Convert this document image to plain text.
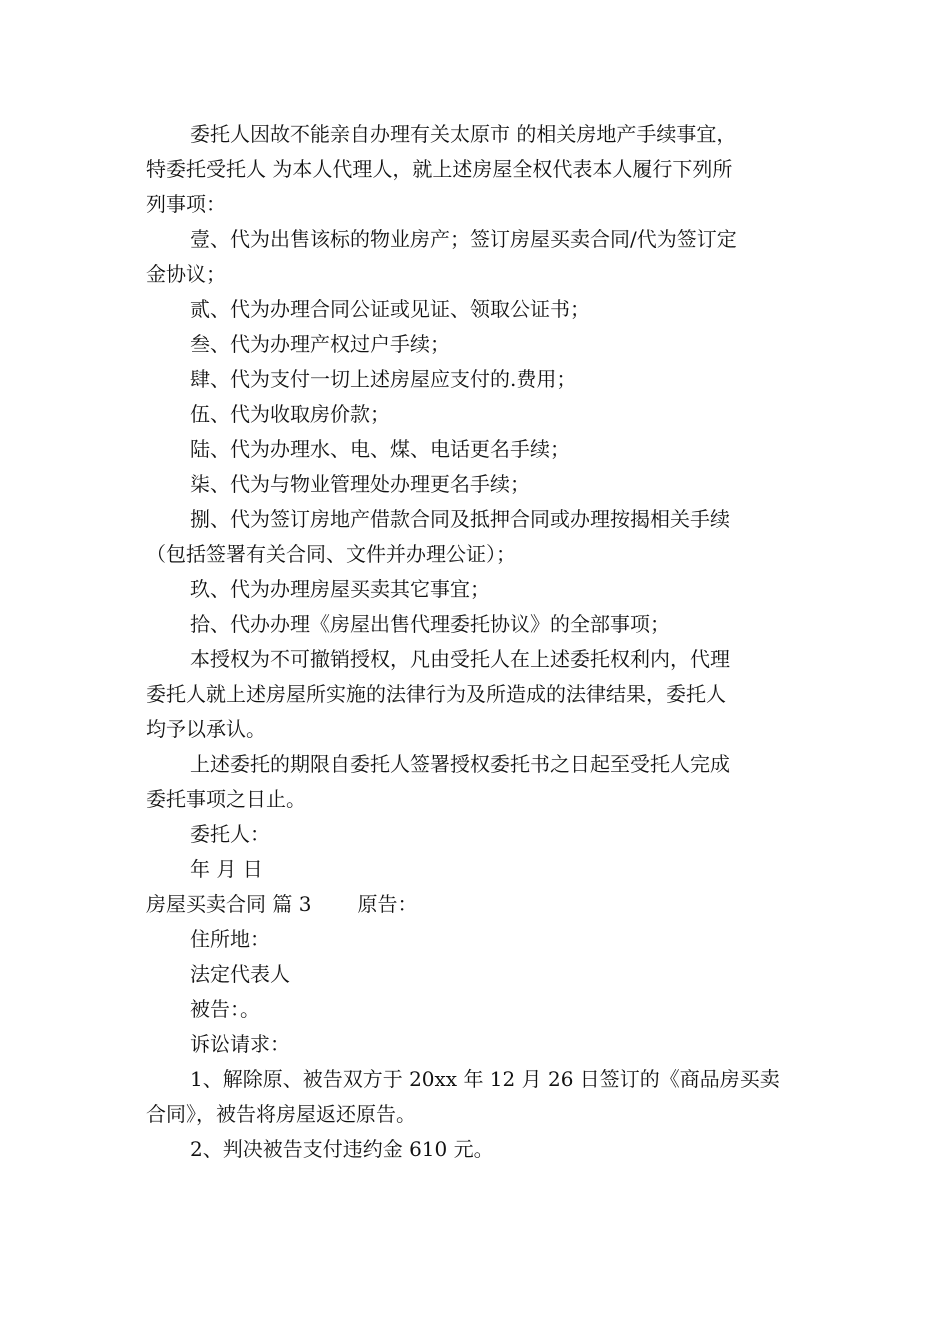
委托人因故不能亲自办理有关太原市 的相关房地产手续事宜，

特委托受托人 为本人代理人，就上述房屋全权代表本人履行下列所

列事项：

壹、代为出售该标的物业房产；签订房屋买卖合同/代为签订定

金协议；

贰、代为办理合同公证或见证、领取公证书；

叁、代为办理产权过户手续；

肆、代为支付一切上述房屋应支付的.费用；

伍、代为收取房价款；

陆、代为办理水、电、煤、电话更名手续；

柒、代为与物业管理处办理更名手续；

捌、代为签订房地产借款合同及抵押合同或办理按揭相关手续

（包括签署有关合同、文件并办理公证）；

玖、代为办理房屋买卖其它事宜；

拾、代办办理《房屋出售代理委托协议》的全部事项；

本授权为不可撤销授权，凡由受托人在上述委托权利内，代理

委托人就上述房屋所实施的法律行为及所造成的法律结果，委托人

均予以承认。

上述委托的期限自委托人签署授权委托书之日起至受托人完成

委托事项之日止。

委托人：

年 月 日

房屋买卖合同 篇 3 原告：

住所地：

法定代表人

被告：。

诉讼请求：

1、解除原、被告双方于 20xx 年 12 月 26 日签订的《商品房买卖

合同》，被告将房屋返还原告。

2、判决被告支付违约金 610 元。
